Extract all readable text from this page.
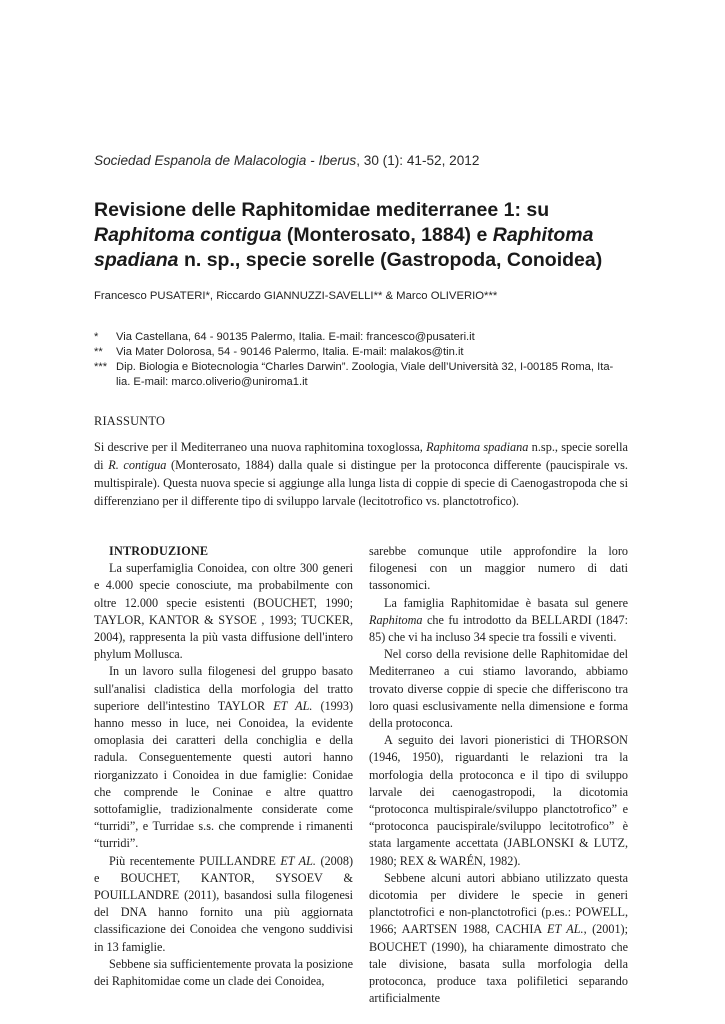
Sociedad Espanola de Malacologia - Iberus, 30 (1): 41-52, 2012
Revisione delle Raphitomidae mediterranee 1: su Raphitoma contigua (Monterosato, 1884) e Raphitoma spadiana n. sp., specie sorelle (Gastropoda, Conoidea)
Francesco PUSATERI*, Riccardo GIANNUZZI-SAVELLI** & Marco OLIVERIO***
*	Via Castellana, 64 - 90135 Palermo, Italia. E-mail: francesco@pusateri.it
**	Via Mater Dolorosa, 54 - 90146 Palermo, Italia. E-mail: malakos@tin.it
*** Dip. Biologia e Biotecnologia “Charles Darwin”. Zoologia, Viale dell’Università 32, I-00185 Roma, Ita-
lia. E-mail: marco.oliverio@uniroma1.it
RIASSUNTO
Si descrive per il Mediterraneo una nuova raphitomina toxoglossa, Raphitoma spadiana n.sp., specie sorella di R. contigua (Monterosato, 1884) dalla quale si distingue per la protoconca differente (paucispirale vs. multispirale). Questa nuova specie si aggiunge alla lunga lista di coppie di specie di Caenogastropoda che si differenziano per il differente tipo di sviluppo larvale (lecitotrofico vs. planctotrofico).

INTRODUZIONE

La superfamiglia Conoidea, con oltre 300 generi e 4.000 specie conosciute, ma probabilmente con oltre 12.000 specie esistenti (BOUCHET, 1990; TAYLOR, KANTOR & SYSOE , 1993; TUCKER, 2004), rappresenta la più vasta diffusione dell'intero phylum Mollusca.

In un lavoro sulla filogenesi del gruppo basato sull'analisi cladistica della morfologia del tratto superiore dell'intestino TAYLOR ET AL. (1993) hanno messo in luce, nei Conoidea, la evidente omoplasia dei caratteri della conchiglia e della radula. Conseguentemente questi autori hanno riorganizzato i Conoidea in due famiglie: Conidae che comprende le Coninae e altre quattro sottofamiglie, tradizionalmente considerate come “turridi”, e Turridae s.s. che comprende i rimanenti “turridi”.

Più recentemente PUILLANDRE ET AL. (2008) e BOUCHET, KANTOR, SYSOEV & POUILLANDRE (2011), basandosi sulla filogenesi del DNA hanno fornito una più aggiornata classificazione dei Conoidea che vengono suddivisi in 13 famiglie.

Sebbene sia sufficientemente provata la posizione dei Raphitomidae come un clade dei Conoidea,

sarebbe comunque utile approfondire la loro filogenesi con un maggior numero di dati tassonomici.

La famiglia Raphitomidae è basata sul genere Raphitoma che fu introdotto da BELLARDI (1847: 85) che vi ha incluso 34 specie tra fossili e viventi.

Nel corso della revisione delle Raphitomidae del Mediterraneo a cui stiamo lavorando, abbiamo trovato diverse coppie di specie che differiscono tra loro quasi esclusivamente nella dimensione e forma della protoconca.

A seguito dei lavori pioneristici di THORSON (1946, 1950), riguardanti le relazioni tra la morfologia della protoconca e il tipo di sviluppo larvale dei caenogastropodi, la dicotomia “protoconca multispirale/sviluppo planctotrofico” e “protoconca paucispirale/sviluppo lecitotrofico” è stata largamente accettata (JABLONSKI & LUTZ, 1980; REX & WARÉN, 1982).

Sebbene alcuni autori abbiano utilizzato questa dicotomia per dividere le specie in generi planctotrofici e non-planctotrofici (p.es.: POWELL, 1966; AARTSEN 1988, CACHIA ET AL., (2001); BOUCHET (1990), ha chiaramente dimostrato che tale divisione, basata sulla morfologia della protoconca, produce taxa polifiletici separando artificialmente
